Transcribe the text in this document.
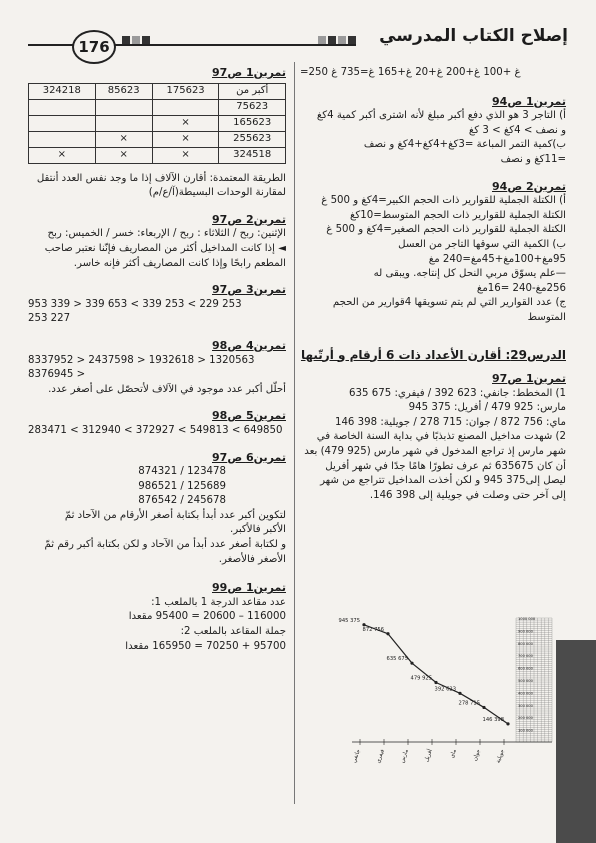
إصلاح الكتاب المدرسي
176

=250 غ +100 غ+200 غ+20 غ+165 غ=735 غ

تمرين1 ص94

أ) التاجر 3 هو الذي دفع أكبر مبلغ لأنه اشترى أكبر كمية 4كغ

و نصف > 4كغ > 3 كغ

ب)كمية التمر المباعة =3كغ+4كغ+4كغ و نصف

=11كغ و نصف

تمرين2 ص94

أ) الكتلة الجملية للقوارير ذات الحجم الكبير=4كغ و 500 غ

الكتلة الجملية للقوارير ذات الحجم المتوسط=10كغ

الكتلة الجملية للقوارير ذات الحجم الصغير=4كغ و 500 غ

ب) الكمية التي سوقها التاجر من العسل

95مغ+100مغ+45مغ=240 مغ

—علم يسوّق مربي النحل كل إنتاجه. ويبقى له

256مغ-240 =16مغ

ج) عدد القوارير التي لم يتم تسويقها 4قوارير من الحجم

المتوسط

الدرس29: أقارن الأعداد ذات 6 أرقام و أرتّبها

تمرين1 ص97

1) المخطط: جانفي: 623 392 / فيفري: 675 635

مارس: 925 479 / أفريل: 375 945

ماي: 756 872 / جوان: 715 278 / جويلية: 398 146

2) شهدت مداخيل المصنع تذبذبًا في بداية السنة الخاصة في

شهر مارس إذ تراجع المدخول في شهر مارس (925 479) بعد

أن كان 635675 ثم عرف تطورًا هامًا جدًا في شهر أفريل

ليصل إلى375 945 و لكن أخذت المداخيل تتراجع من شهر

إلى آخر حتى وصلت في جويلية إلى 398 146.

100 000
200 000
300 000
400 000
500 000
600 000
700 000
800 000
900 000
1000 000
945 375
872 756
635 675
479 925
392 623
278 715
146 398
جانفي فيفري مارس	أفريل	ماي	جوان جويلية

تمرين1 ص97

324218	85623	175623	أكبر من
			75623
		×	165623
	×	×	255623
×	×	×	324518

الطريقة المعتمدة: أقارن الآلاف إذا ما وجد نفس العدد أنتقل

لمقارنة الوحدات البسيطة(آ/ع/م)

تمرين2 ص97

الإثنين: ربح / الثلاثاء : ربح / الإربعاء: خسر / الخميس: ربح

◄ إذا كانت المداخيل أكثر من المصاريف فإنّنا نعتبر صاحب

المطعم رابحًا وإذا كانت المصاريف أكثر فإنه خاسر.

تمرين3 ص97

953 339 > 339 653 < 339 253 < 229 253

253 227

تمرين4 ص98

8337952 > 2437598 > 1932618 > 1320563

8376945 >

أحلّل أكبر عدد موجود في الآلاف لأتحصّل على أصغر عدد.

تمرين5 ص98

283471 < 312940 < 372927 < 549813 < 649850

تمرين6 ص97

123478 / 874321

125689 / 986521

245678 / 876542

لتكوين أكبر عدد أبدأ بكتابة أصغر الأرقام من الآحاد ثمّ

الأكبر فالأكبر.

و لكتابة أصغر عدد أبدأ من الآحاد و لكن بكتابة أكبر رقم ثمّ

الأصغر فالأصغر.

تمرين1 ص99

عدد مقاعد الدرجة 1 بالملعب 1:

116000 – 20600 = 95400 مقعدا

جملة المقاعد بالملعب 2:

95700 + 70250 = 165950 مقعدا
